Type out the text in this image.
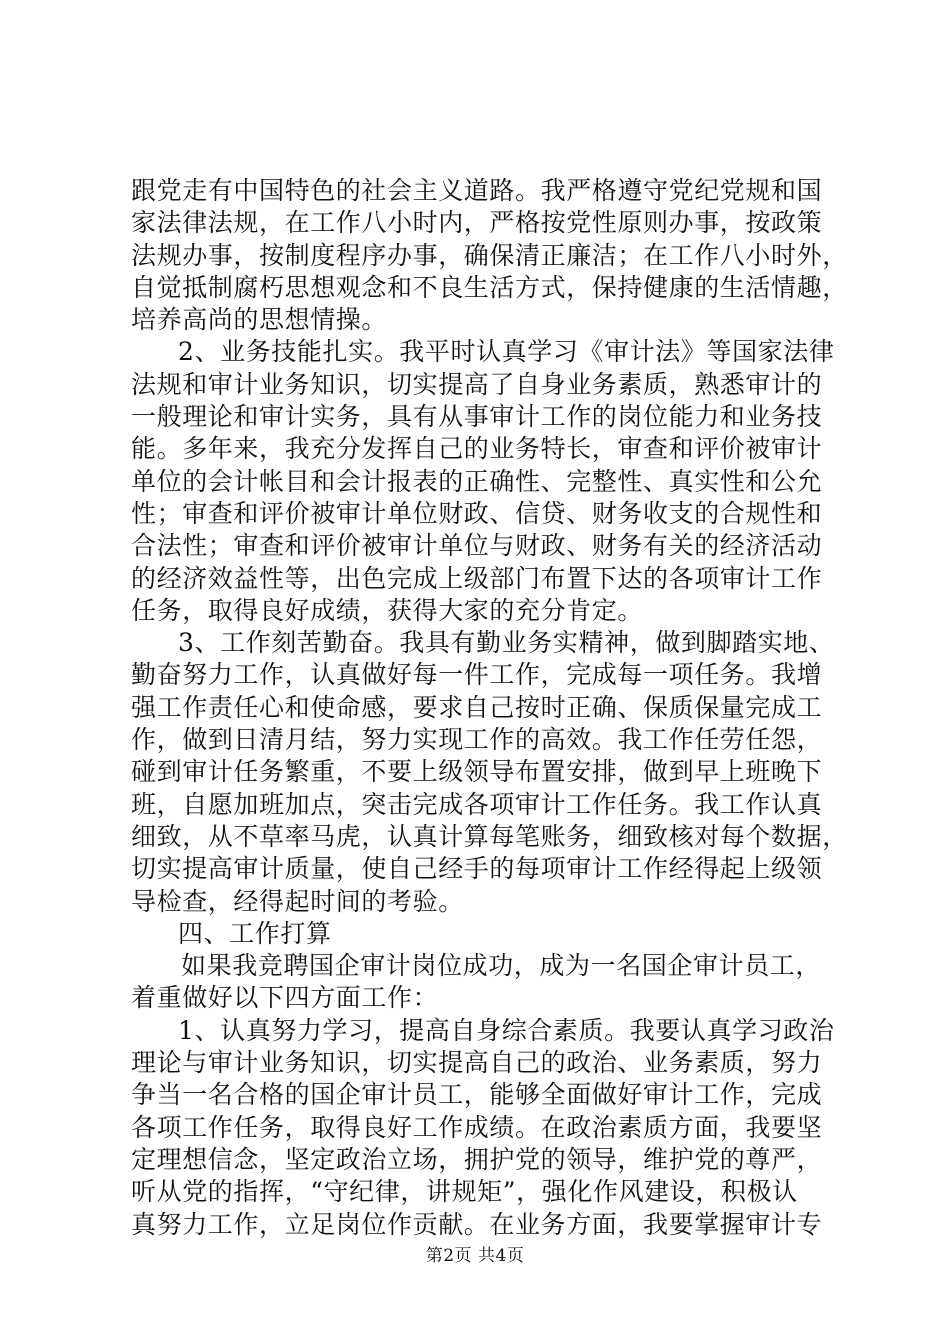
跟党走有中国特色的社会主义道路。我严格遵守党纪党规和国
家法律法规，在工作八小时内，严格按党性原则办事，按政策
法规办事，按制度程序办事，确保清正廉洁；在工作八小时外，
自觉抵制腐朽思想观念和不良生活方式，保持健康的生活情趣，
培养高尚的思想情操。
2、业务技能扎实。我平时认真学习《审计法》等国家法律
法规和审计业务知识，切实提高了自身业务素质，熟悉审计的
一般理论和审计实务，具有从事审计工作的岗位能力和业务技
能。多年来，我充分发挥自己的业务特长，审查和评价被审计
单位的会计帐目和会计报表的正确性、完整性、真实性和公允
性；审查和评价被审计单位财政、信贷、财务收支的合规性和
合法性；审查和评价被审计单位与财政、财务有关的经济活动
的经济效益性等，出色完成上级部门布置下达的各项审计工作
任务，取得良好成绩，获得大家的充分肯定。
3、工作刻苦勤奋。我具有勤业务实精神，做到脚踏实地、
勤奋努力工作，认真做好每一件工作，完成每一项任务。我增
强工作责任心和使命感，要求自己按时正确、保质保量完成工
作，做到日清月结，努力实现工作的高效。我工作任劳任怨，
碰到审计任务繁重，不要上级领导布置安排，做到早上班晚下
班，自愿加班加点，突击完成各项审计工作任务。我工作认真
细致，从不草率马虎，认真计算每笔账务，细致核对每个数据，
切实提高审计质量，使自己经手的每项审计工作经得起上级领
导检查，经得起时间的考验。
四、工作打算
如果我竞聘国企审计岗位成功，成为一名国企审计员工，
着重做好以下四方面工作：
1、认真努力学习，提高自身综合素质。我要认真学习政治
理论与审计业务知识，切实提高自己的政治、业务素质，努力
争当一名合格的国企审计员工，能够全面做好审计工作，完成
各项工作任务，取得良好工作成绩。在政治素质方面，我要坚
定理想信念，坚定政治立场，拥护党的领导，维护党的尊严，
听从党的指挥，“守纪律，讲规矩”，强化作风建设，积极认
真努力工作，立足岗位作贡献。在业务方面，我要掌握审计专
第2页 共4页
